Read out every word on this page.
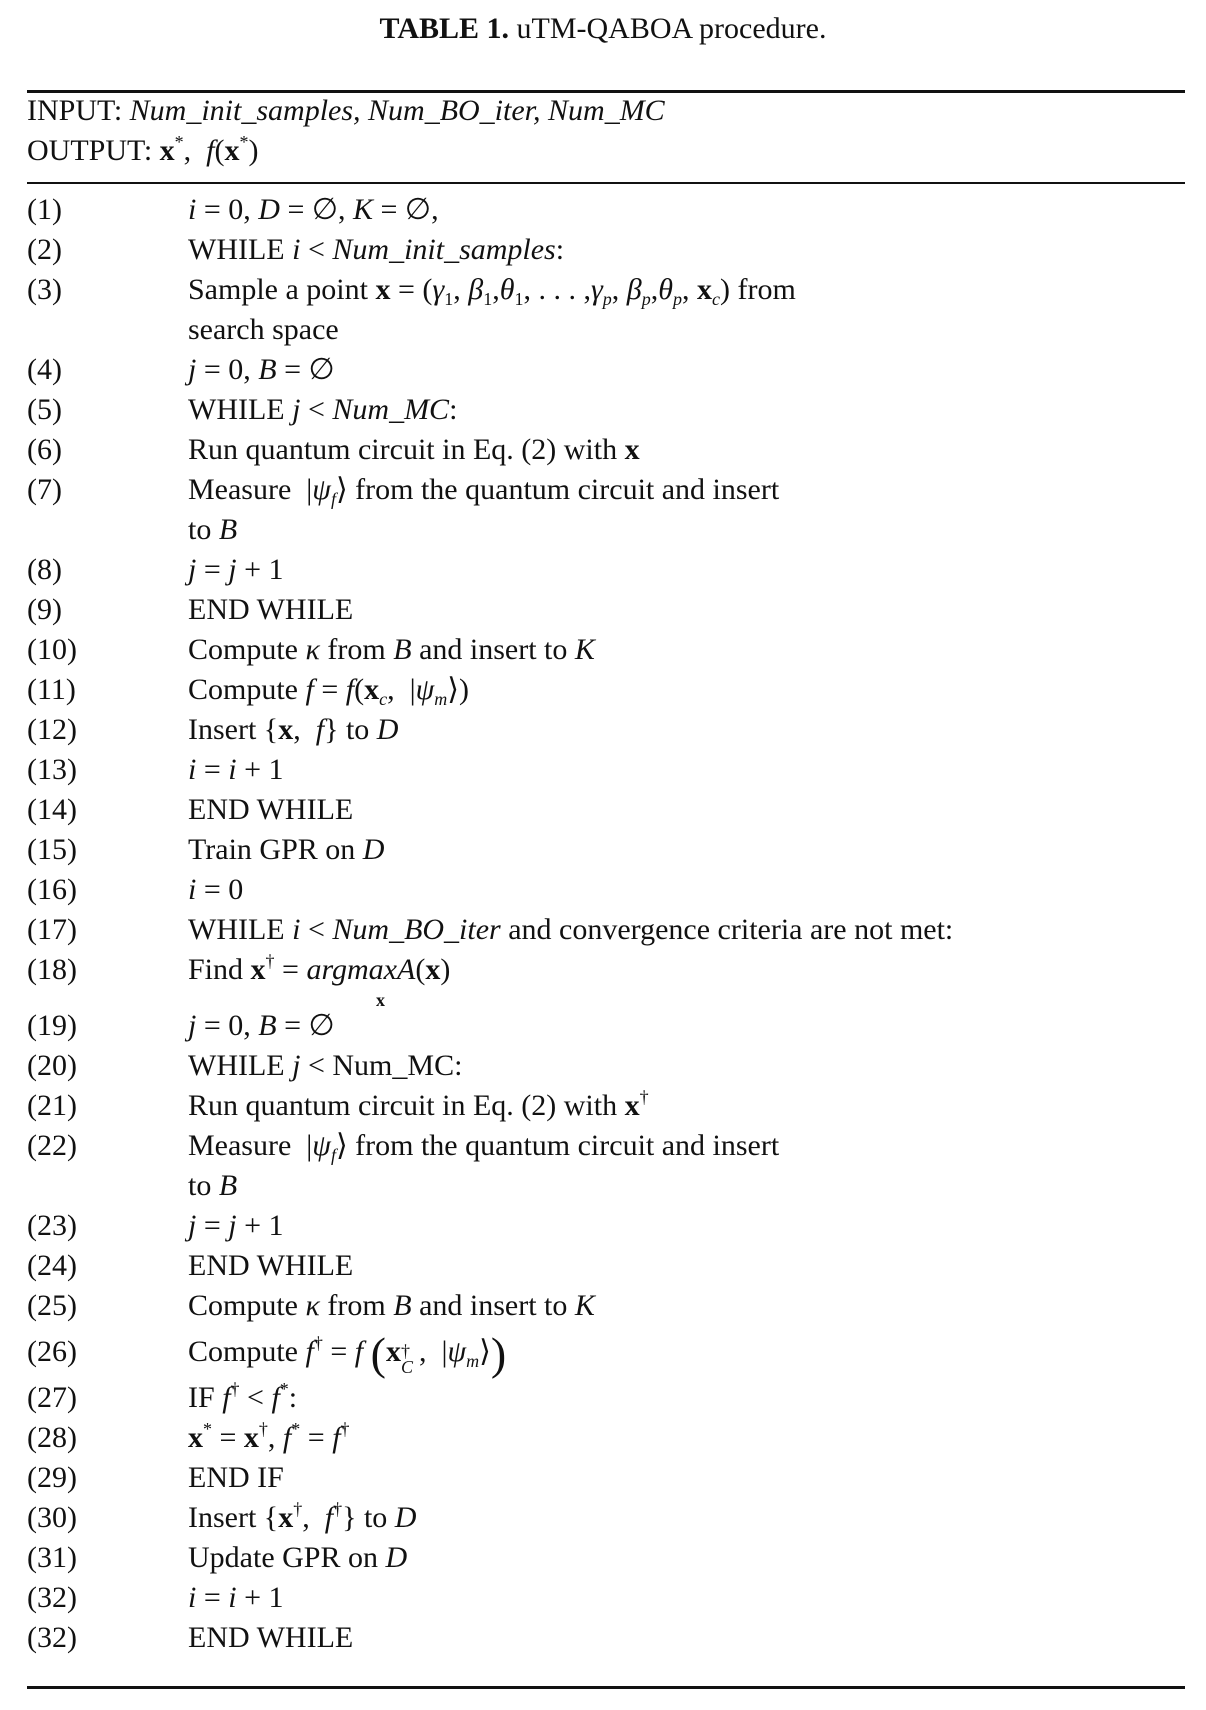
TABLE 1. uTM-QABOA procedure.
INPUT: Num_init_samples, Num_BO_iter, Num_MC
OUTPUT: x*,  f(x*)
(1)	i = 0, D = ∅, K = ∅,
(2)	WHILE i < Num_init_samples:
(3)	Sample a point $x = (\gamma_1$, $\beta_1,\theta_1$, . . . $,\gamma_p$, $\beta_p,\theta_p$, $x_c$) from
search space
(4)	j = 0, B = ∅
(5)	WHILE j < Num_MC:
(6)	Run quantum circuit in Eq. (2) with x
(7)	Measure  $|\psi_f⟩$ from the quantum circuit and insert
to B
(8)	j = j + 1
(9)	END WHILE
(10)	Compute κ from B and insert to K
(11)	Compute $f = f(x_c$,  $|\psi_m⟩$)
(12)	Insert {x,  f} to D
(13)	i = i + 1
(14)	END WHILE
(15)	Train GPR on D
(16)	i = 0
(17)	WHILE i < Num_BO_iter and convergence criteria are not met:
(18)	Find x† = argmaxA(x)
x
(19)	j = 0, B = ∅
(20)	WHILE j < Num_MC:
(21)	Run quantum circuit in Eq. (2) with x†
(22)	Measure  $|\psi_f⟩$ from the quantum circuit and insert
to B
(23)	j = j + 1
(24)	END WHILE
(25)	Compute κ from B and insert to K
(26)	Compute f† = f (x †
C ,  $|\psi_m⟩$)
(27)	IF f† < f*:
(28)	x* = x†, f* = f†
(29)	END IF
(30)	Insert {x†,  f†} to D
(31)	Update GPR on D
(32)	i = i + 1
(32)	END WHILE
